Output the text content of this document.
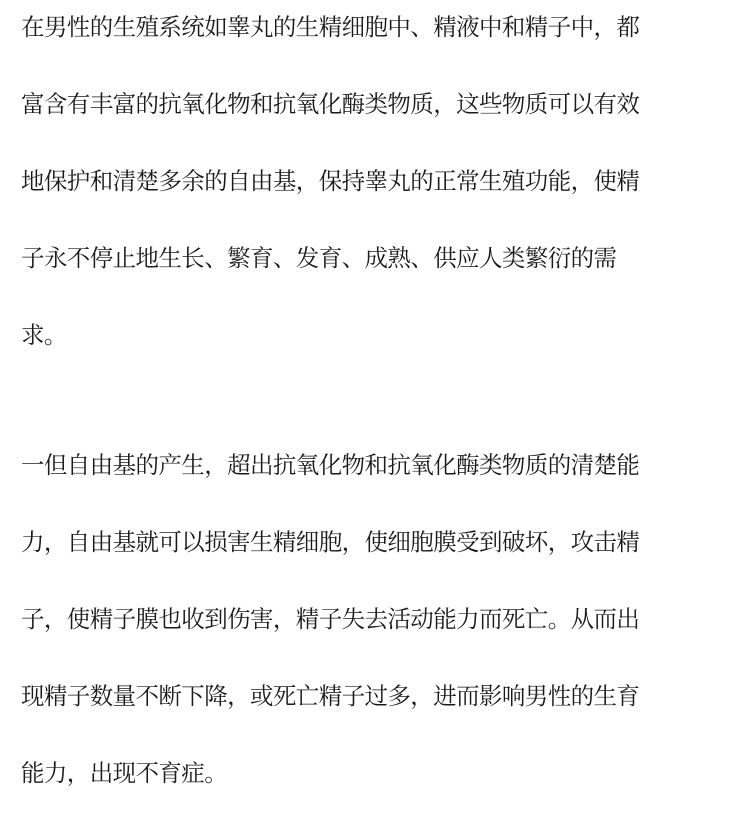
在男性的生殖系统如睾丸的生精细胞中、精液中和精子中，都
富含有丰富的抗氧化物和抗氧化酶类物质，这些物质可以有效
地保护和清楚多余的自由基，保持睾丸的正常生殖功能，使精
子永不停止地生长、繁育、发育、成熟、供应人类繁衍的需
求。
一但自由基的产生，超出抗氧化物和抗氧化酶类物质的清楚能
力，自由基就可以损害生精细胞，使细胞膜受到破坏，攻击精
子，使精子膜也收到伤害，精子失去活动能力而死亡。从而出
现精子数量不断下降，或死亡精子过多，进而影响男性的生育
能力，出现不育症。
